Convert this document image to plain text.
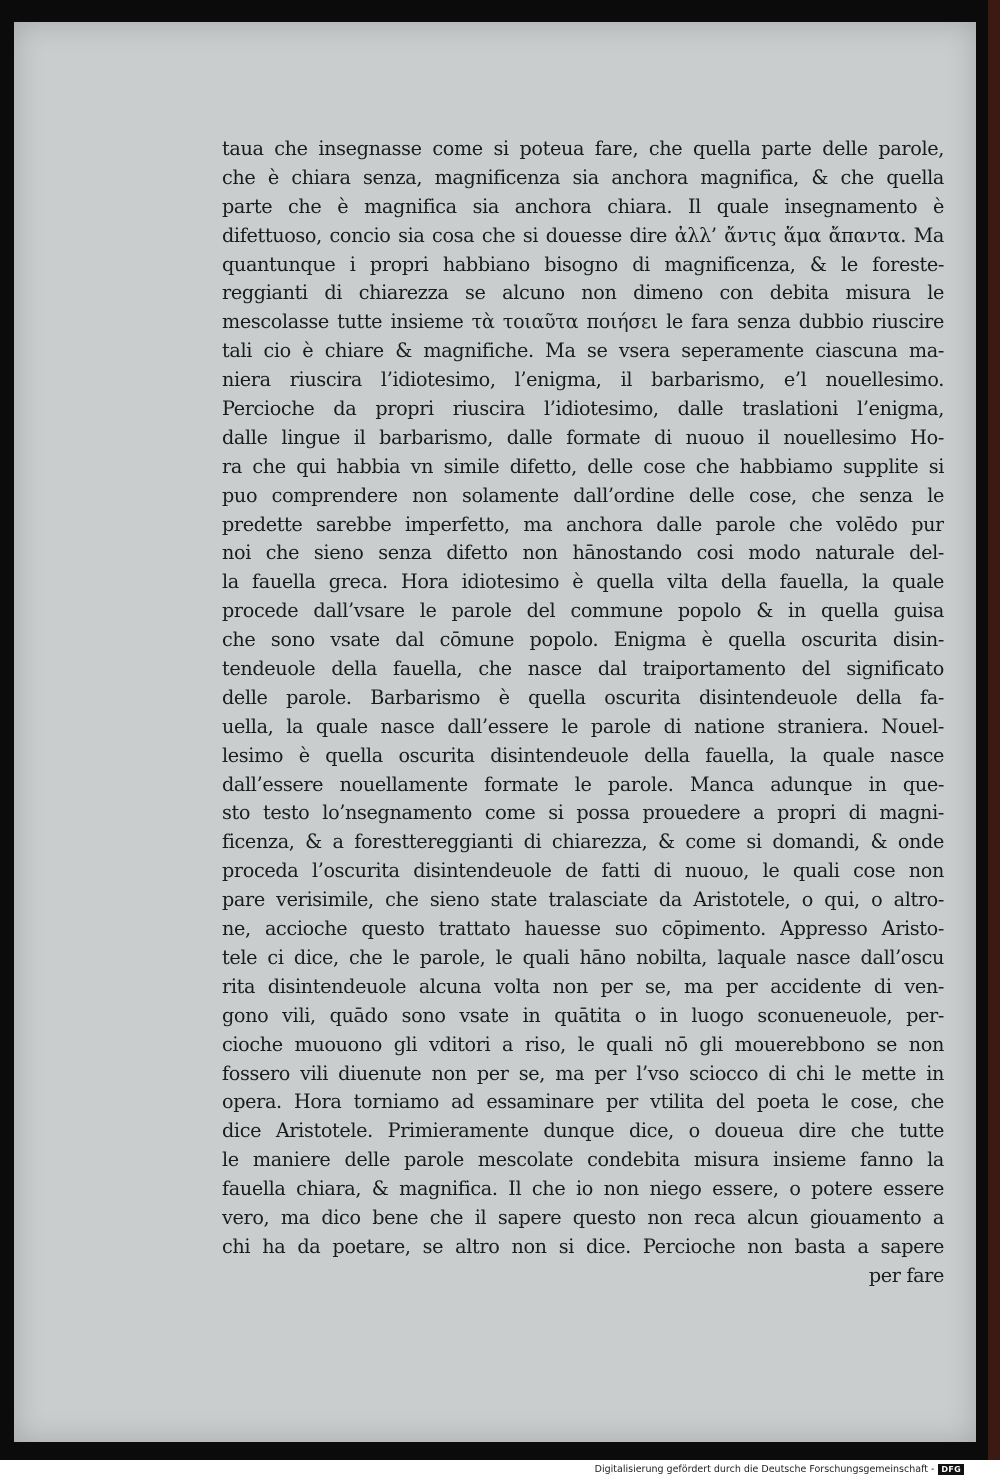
taua che insegnasse come si poteua fare, che quella parte delle parole,
che è chiara senza, magnificenza sia anchora magnifica, & che quella
parte che è magnifica sia anchora chiara. Il quale insegnamento è
difettuoso, concio sia cosa che si douesse dire ἀλλ’ ἄντις ἅμα ἄπαντα. Ma
quantunque i propri habbiano bisogno di magnificenza, & le foreste-
reggianti di chiarezza se alcuno non dimeno con debita misura le
mescolasse tutte insieme τὰ τοιαῦτα ποιήσει le fara senza dubbio riuscire
tali cio è chiare & magnifiche. Ma se vsera seperamente ciascuna ma-
niera riuscira l’idiotesimo, l’enigma, il barbarismo, e’l nouellesimo.
Percioche da propri riuscira l’idiotesimo, dalle traslationi l’enigma,
dalle lingue il barbarismo, dalle formate di nuouo il nouellesimo Ho-
ra che qui habbia vn simile difetto, delle cose che habbiamo supplite si
puo comprendere non solamente dall’ordine delle cose, che senza le
predette sarebbe imperfetto, ma anchora dalle parole che volēdo pur
noi che sieno senza difetto non hānostando cosi modo naturale del-
la fauella greca. Hora idiotesimo è quella vilta della fauella, la quale
procede dall’vsare le parole del commune popolo & in quella guisa
che sono vsate dal cōmune popolo. Enigma è quella oscurita disin-
tendeuole della fauella, che nasce dal traiportamento del significato
delle parole. Barbarismo è quella oscurita disintendeuole della fa-
uella, la quale nasce dall’essere le parole di natione straniera. Nouel-
lesimo è quella oscurita disintendeuole della fauella, la quale nasce
dall’essere nouellamente formate le parole. Manca adunque in que-
sto testo lo’nsegnamento come si possa prouedere a propri di magni-
ficenza, & a foresttereggianti di chiarezza, & come si domandi, & onde
proceda l’oscurita disintendeuole de fatti di nuouo, le quali cose non
pare verisimile, che sieno state tralasciate da Aristotele, o qui, o altro-
ne, accioche questo trattato hauesse suo cōpimento. Appresso Aristo-
tele ci dice, che le parole, le quali hāno nobilta, laquale nasce dall’oscu
rita disintendeuole alcuna volta non per se, ma per accidente di ven-
gono vili, quādo sono vsate in quātita o in luogo sconueneuole, per-
cioche muouono gli vditori a riso, le quali nō gli mouerebbono se non
fossero vili diuenute non per se, ma per l’vso sciocco di chi le mette in
opera. Hora torniamo ad essaminare per vtilita del poeta le cose, che
dice Aristotele. Primieramente dunque dice, o doueua dire che tutte
le maniere delle parole mescolate condebita misura insieme fanno la
fauella chiara, & magnifica. Il che io non niego essere, o potere essere
vero, ma dico bene che il sapere questo non reca alcun giouamento a
chi ha da poetare, se altro non si dice. Percioche non basta a sapere
per fare
Digitalisierung gefördert durch die Deutsche Forschungsgemeinschaft - DFG
